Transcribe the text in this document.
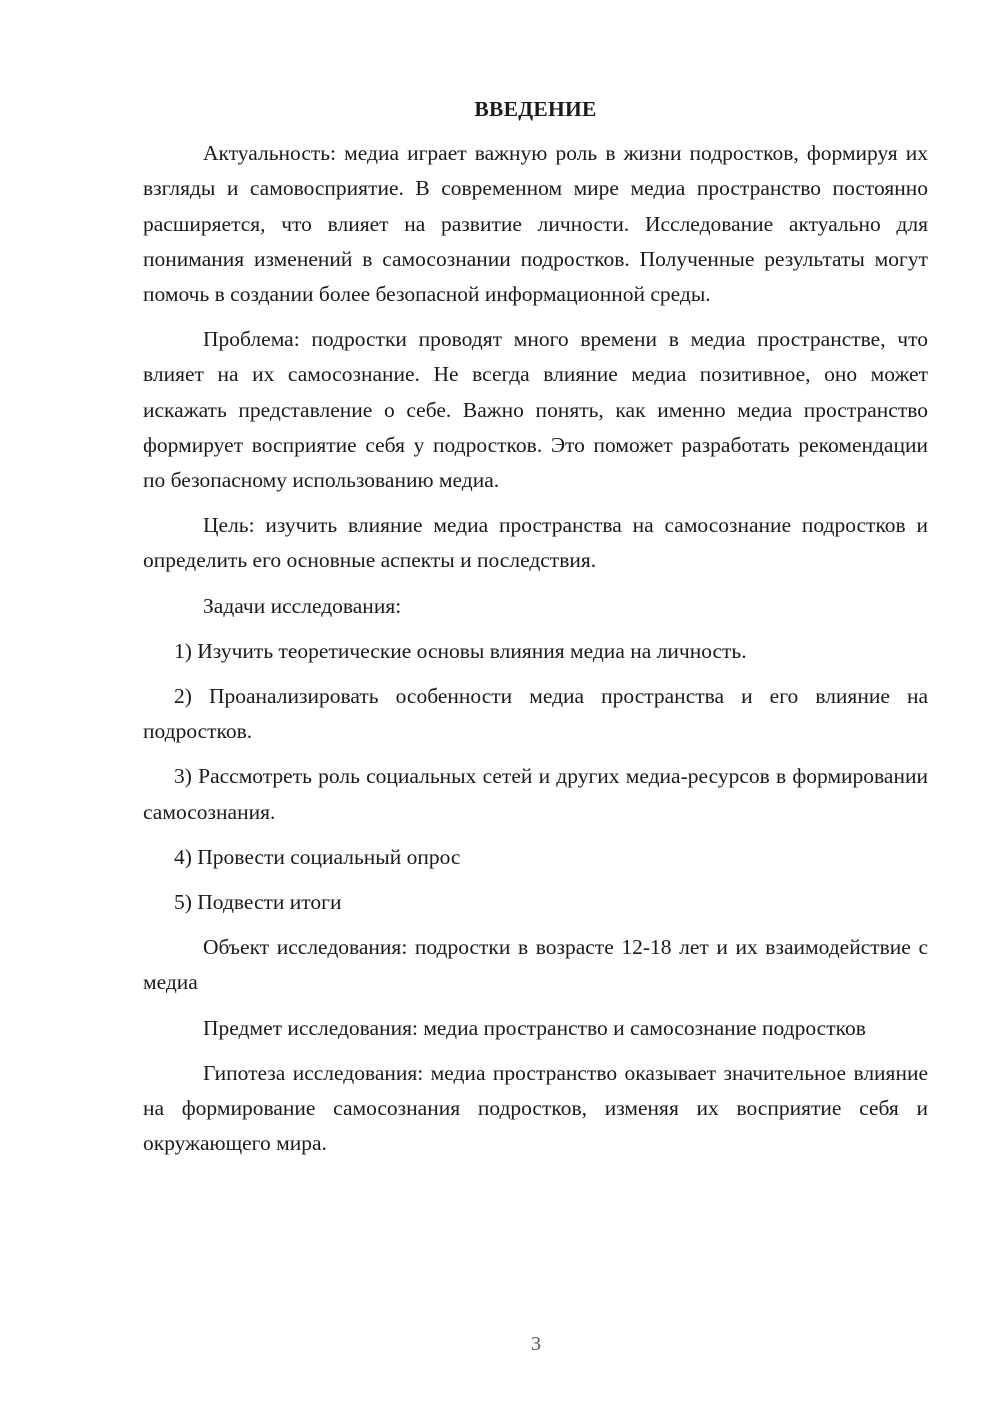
ВВЕДЕНИЕ

Актуальность: медиа играет важную роль в жизни подростков, формируя их взгляды и самовосприятие. В современном мире медиа пространство постоянно расширяется, что влияет на развитие личности. Исследование актуально для понимания изменений в самосознании подростков. Полученные результаты могут помочь в создании более безопасной информационной среды.

Проблема: подростки проводят много времени в медиа пространстве, что влияет на их самосознание. Не всегда влияние медиа позитивное, оно может искажать представление о себе. Важно понять, как именно медиа пространство формирует восприятие себя у подростков. Это поможет разработать рекомендации по безопасному использованию медиа.

Цель: изучить влияние медиа пространства на самосознание подростков и определить его основные аспекты и последствия.

Задачи исследования:

1) Изучить теоретические основы влияния медиа на личность.

2) Проанализировать особенности медиа пространства и его влияние на подростков.

3) Рассмотреть роль социальных сетей и других медиа-ресурсов в формировании самосознания.

4) Провести социальный опрос

5) Подвести итоги

Объект исследования: подростки в возрасте 12-18 лет и их взаимодействие с медиа

Предмет исследования: медиа пространство и самосознание подростков

Гипотеза исследования: медиа пространство оказывает значительное влияние на формирование самосознания подростков, изменяя их восприятие себя и окружающего мира.

3
